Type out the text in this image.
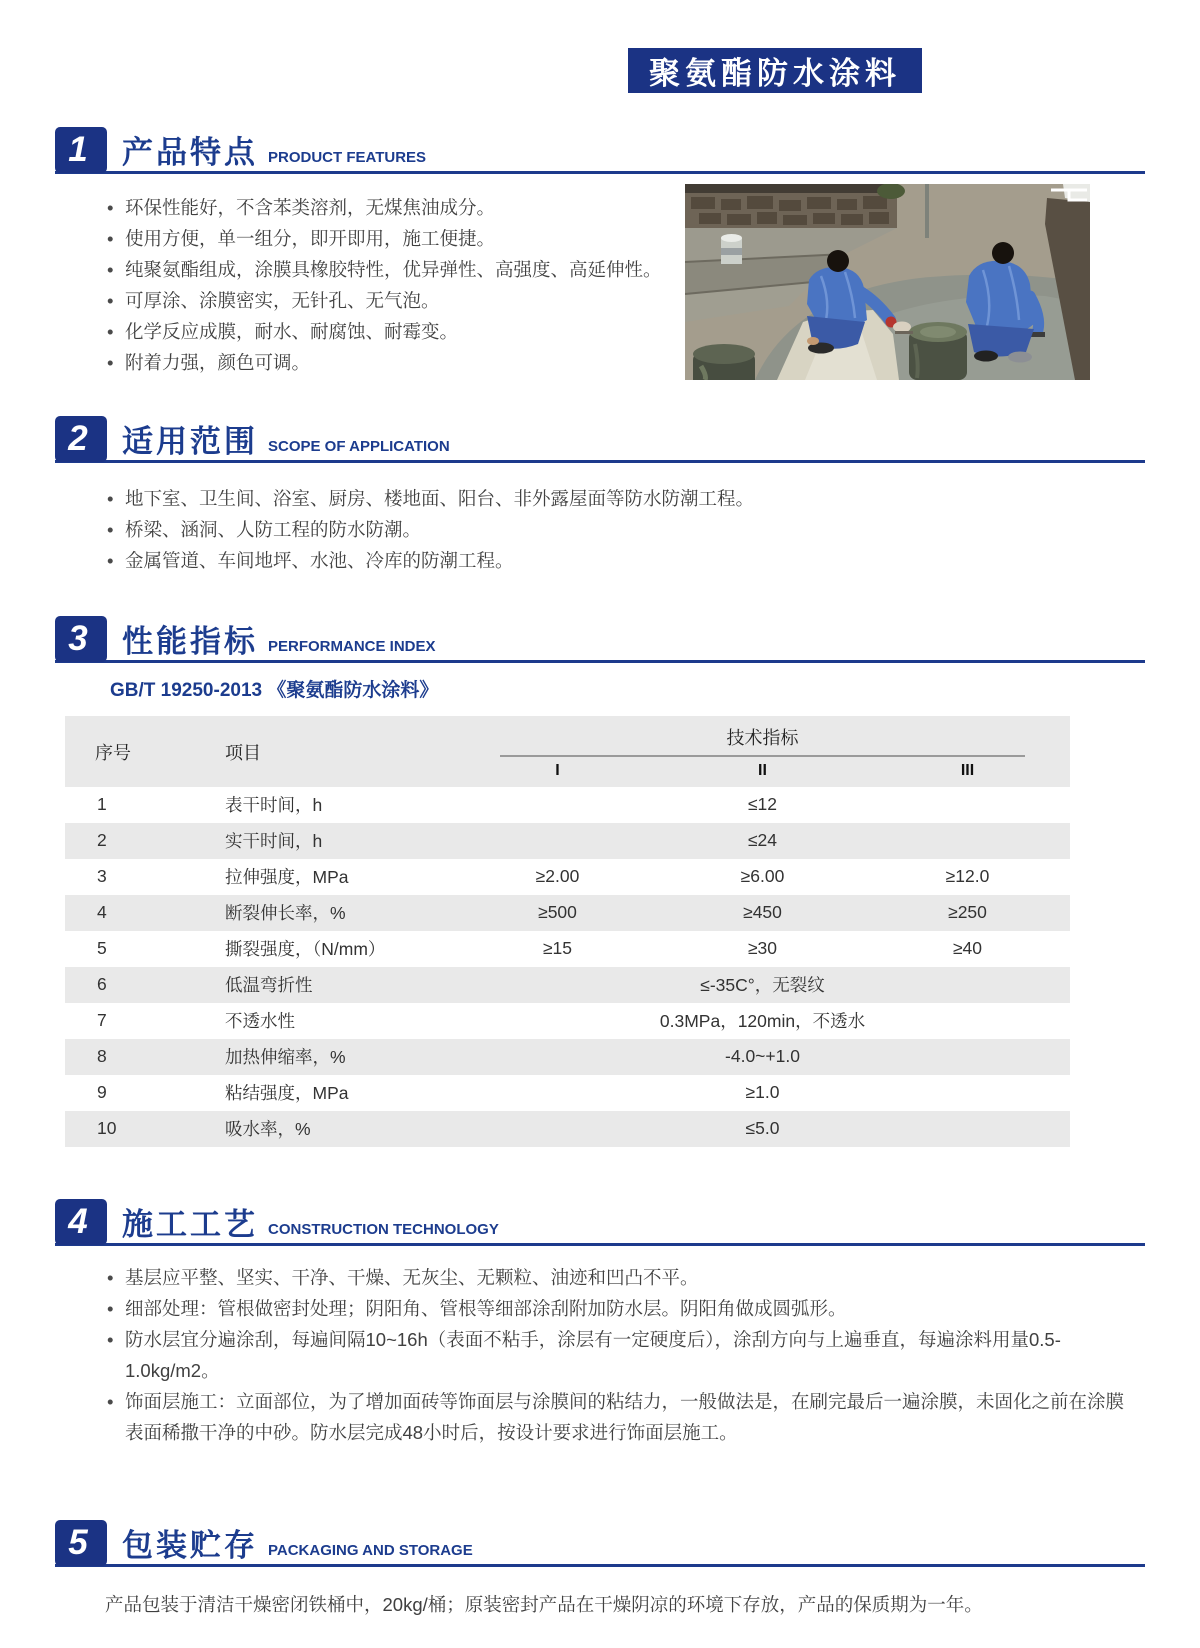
聚氨酯防水涂料
1	产品特点 PRODUCT FEATURES
• 环保性能好，不含苯类溶剂，无煤焦油成分。
• 使用方便，单一组分，即开即用，施工便捷。
• 纯聚氨酯组成，涂膜具橡胶特性，优异弹性、高强度、高延伸性。
• 可厚涂、涂膜密实，无针孔、无气泡。
• 化学反应成膜，耐水、耐腐蚀、耐霉变。
• 附着力强，颜色可调。
2	适用范围 SCOPE OF APPLICATION
• 地下室、卫生间、浴室、厨房、楼地面、阳台、非外露屋面等防水防潮工程。
• 桥梁、涵洞、人防工程的防水防潮。
• 金属管道、车间地坪、水池、冷库的防潮工程。
3	性能指标 PERFORMANCE INDEX
GB/T 19250-2013 《聚氨酯防水涂料》
序号	项目	技术指标		

		I	II	III
1	表干时间，h	≤12		
2	实干时间，h	≤24		
3	拉伸强度，MPa	≥2.00	≥6.00	≥12.0
4	断裂伸长率，%	≥500	≥450	≥250
5	撕裂强度，（N/mm）	≥15	≥30	≥40
6	低温弯折性	≤-35C°，无裂纹		
7	不透水性	0.3MPa，120min，不透水		
8	加热伸缩率，%	-4.0~+1.0		
9	粘结强度，MPa	≥1.0		
10	吸水率，%	≤5.0		
4	施工工艺 CONSTRUCTION TECHNOLOGY
• 基层应平整、坚实、干净、干燥、无灰尘、无颗粒、油迹和凹凸不平。
• 细部处理：管根做密封处理；阴阳角、管根等细部涂刮附加防水层。阴阳角做成圆弧形。
• 防水层宜分遍涂刮，每遍间隔10~16h（表面不粘手，涂层有一定硬度后），涂刮方向与上遍垂直，每遍涂料用量0.5-1.0kg/m2。
• 饰面层施工：立面部位，为了增加面砖等饰面层与涂膜间的粘结力，一般做法是，在刷完最后一遍涂膜，未固化之前在涂膜表面稀撒干净的中砂。防水层完成48小时后，按设计要求进行饰面层施工。
5	包装贮存 PACKAGING AND STORAGE
产品包装于清洁干燥密闭铁桶中，20kg/桶；原装密封产品在干燥阴凉的环境下存放，产品的保质期为一年。
